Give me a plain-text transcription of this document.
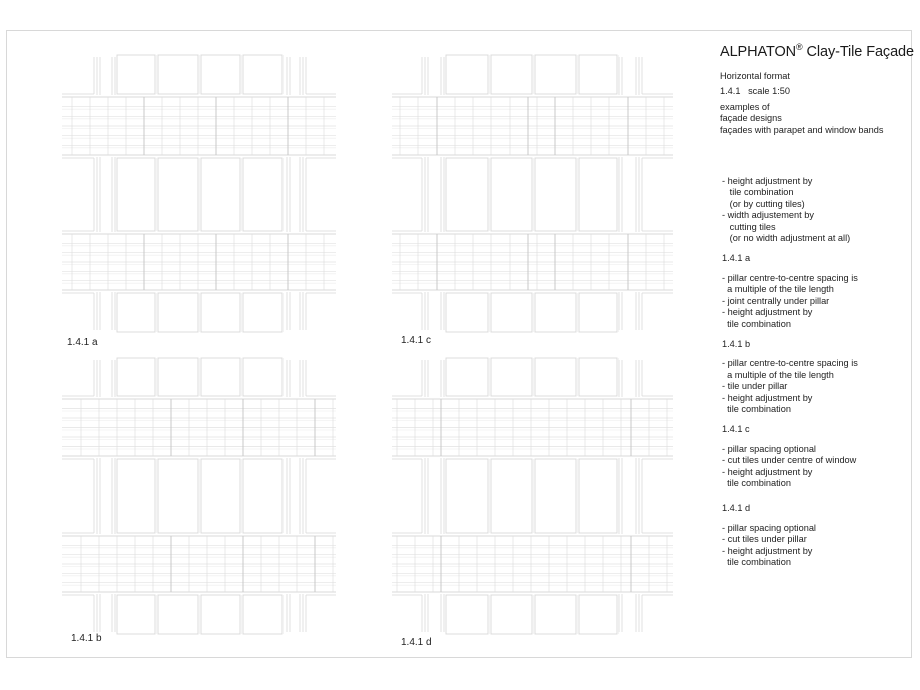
1.4.1 a
1.4.1 b
1.4.1 c
1.4.1 d
ALPHATON® Clay-Tile Façade

Horizontal format

1.4.1   scale 1:50

examples of

façade designs

façades with parapet and window bands

- height adjustment by

tile combination

(or by cutting tiles)

- width adjustement by

cutting tiles

(or no width adjustment at all)

1.4.1 a

- pillar centre-to-centre spacing is

a multiple of the tile length

- joint centrally under pillar

- height adjustment by

tile combination

1.4.1 b

- pillar centre-to-centre spacing is

a multiple of the tile length

- tile under pillar

- height adjustment by

tile combination

1.4.1 c

- pillar spacing optional

- cut tiles under centre of window

- height adjustment by

tile combination

1.4.1 d

- pillar spacing optional

- cut tiles under pillar

- height adjustment by

tile combination
